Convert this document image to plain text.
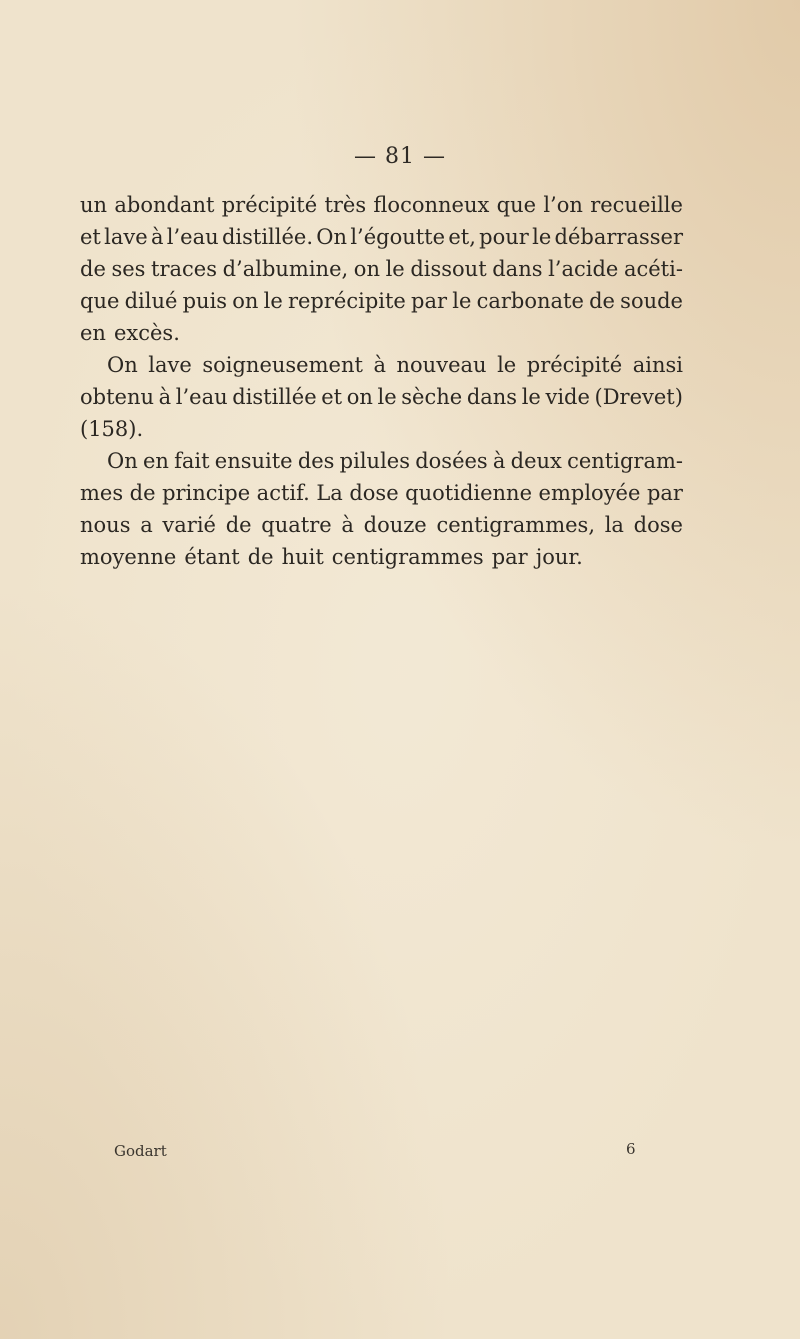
— 81 —
un abondant précipité très floconneux que l’on recueille
et lave à l’eau distillée. On l’égoutte et, pour le débarrasser
de ses traces d’albumine, on le dissout dans l’acide acéti-
que dilué puis on le reprécipite par le carbonate de soude
en excès.
On lave soigneusement à nouveau le précipité ainsi
obtenu à l’eau distillée et on le sèche dans le vide (Drevet)
(158).
On en fait ensuite des pilules dosées à deux centigram-
mes de principe actif. La dose quotidienne employée par
nous a varié de quatre à douze centigrammes, la dose
moyenne étant de huit centigrammes par jour.
Godart	6
